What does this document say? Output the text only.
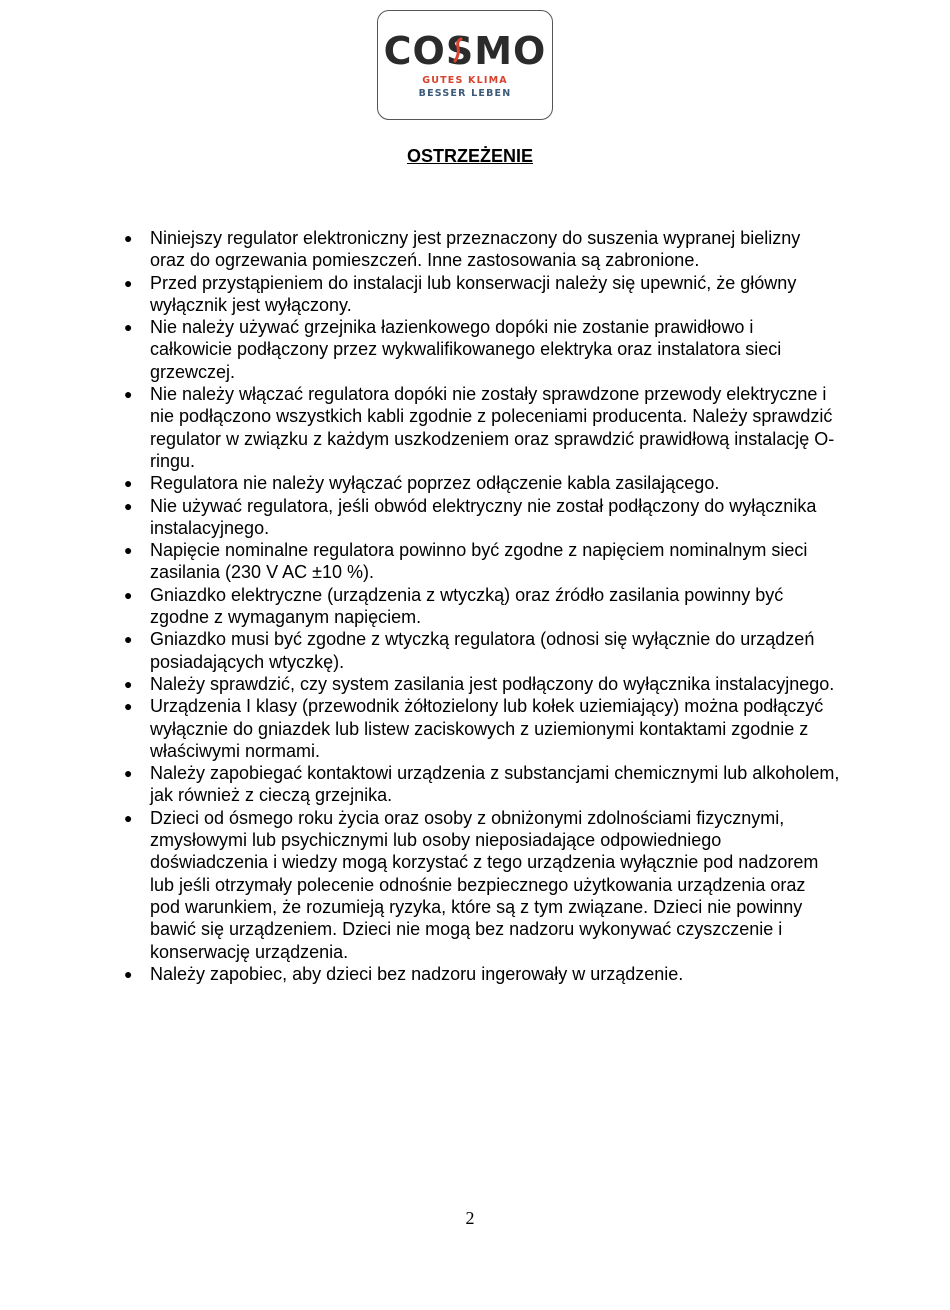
COS
MO
GUTES KLIMA
BESSER LEBEN
OSTRZEŻENIE
● Niniejszy regulator elektroniczny jest przeznaczony do suszenia wypranej bielizny oraz do ogrzewania pomieszczeń. Inne zastosowania są zabronione.
● Przed przystąpieniem do instalacji lub konserwacji należy się upewnić, że główny wyłącznik jest wyłączony.
● Nie należy używać grzejnika łazienkowego dopóki nie zostanie prawidłowo i całkowicie podłączony przez wykwalifikowanego elektryka oraz instalatora sieci grzewczej.
● Nie należy włączać regulatora dopóki nie zostały sprawdzone przewody elektryczne i nie podłączono wszystkich kabli zgodnie z poleceniami producenta. Należy sprawdzić regulator w związku z każdym uszkodzeniem oraz sprawdzić prawidłową instalację O-ringu.
● Regulatora nie należy wyłączać poprzez odłączenie kabla zasilającego.
● Nie używać regulatora, jeśli obwód elektryczny nie został podłączony do wyłącznika instalacyjnego.
● Napięcie nominalne regulatora powinno być zgodne z napięciem nominalnym sieci zasilania (230 V AC ±10 %).
● Gniazdko elektryczne (urządzenia z wtyczką) oraz źródło zasilania powinny być zgodne z wymaganym napięciem.
● Gniazdko musi być zgodne z wtyczką regulatora (odnosi się wyłącznie do urządzeń posiadających wtyczkę).
● Należy sprawdzić, czy system zasilania jest podłączony do wyłącznika instalacyjnego.
● Urządzenia I klasy (przewodnik żółtozielony lub kołek uziemiający) można podłączyć wyłącznie do gniazdek lub listew zaciskowych z uziemionymi kontaktami zgodnie z właściwymi normami.
● Należy zapobiegać kontaktowi urządzenia z substancjami chemicznymi lub alkoholem, jak również z cieczą grzejnika.
● Dzieci od ósmego roku życia oraz osoby z obniżonymi zdolnościami fizycznymi, zmysłowymi lub psychicznymi lub osoby nieposiadające odpowiedniego doświadczenia i wiedzy mogą korzystać z tego urządzenia wyłącznie pod nadzorem lub jeśli otrzymały polecenie odnośnie bezpiecznego użytkowania urządzenia oraz pod warunkiem, że rozumieją ryzyka, które są z tym związane. Dzieci nie powinny bawić się urządzeniem. Dzieci nie mogą bez nadzoru wykonywać czyszczenie i konserwację urządzenia.
● Należy zapobiec, aby dzieci bez nadzoru ingerowały w urządzenie.
2
